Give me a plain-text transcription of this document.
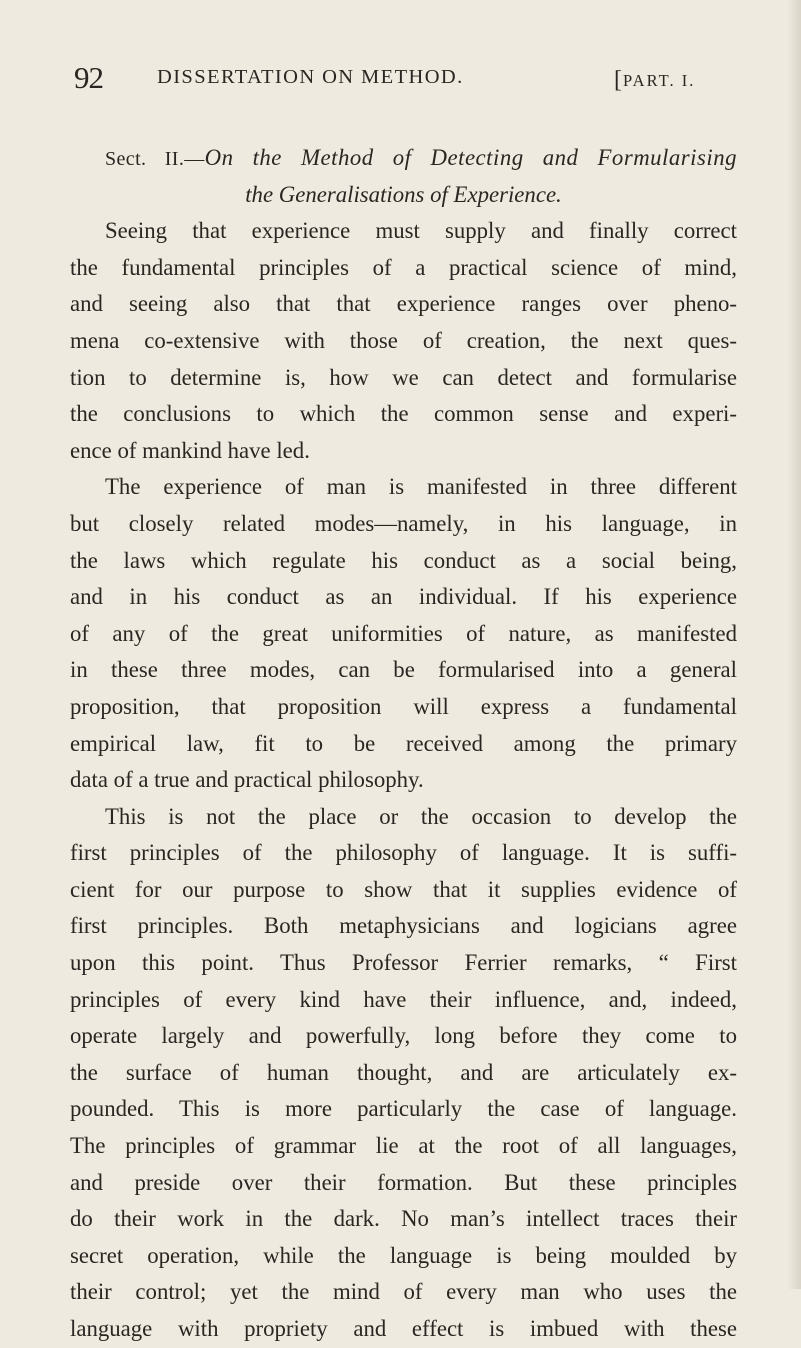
92	DISSERTATION ON METHOD.	[PART. I.
Sect. II.—On the Method of Detecting and Formularising
the Generalisations of Experience.
Seeing that experience must supply and finally correct
the fundamental principles of a practical science of mind,
and seeing also that that experience ranges over pheno-
mena co-extensive with those of creation, the next ques-
tion to determine is, how we can detect and formularise
the conclusions to which the common sense and experi-
ence of mankind have led.
The experience of man is manifested in three different
but closely related modes—namely, in his language, in
the laws which regulate his conduct as a social being,
and in his conduct as an individual. If his experience
of any of the great uniformities of nature, as manifested
in these three modes, can be formularised into a general
proposition, that proposition will express a fundamental
empirical law, fit to be received among the primary
data of a true and practical philosophy.
This is not the place or the occasion to develop the
first principles of the philosophy of language. It is suffi-
cient for our purpose to show that it supplies evidence of
first principles. Both metaphysicians and logicians agree
upon this point. Thus Professor Ferrier remarks, “ First
principles of every kind have their influence, and, indeed,
operate largely and powerfully, long before they come to
the surface of human thought, and are articulately ex-
pounded. This is more particularly the case of language.
The principles of grammar lie at the root of all languages,
and preside over their formation. But these principles
do their work in the dark. No man’s intellect traces their
secret operation, while the language is being moulded by
their control; yet the mind of every man who uses the
language with propriety and effect is imbued with these
